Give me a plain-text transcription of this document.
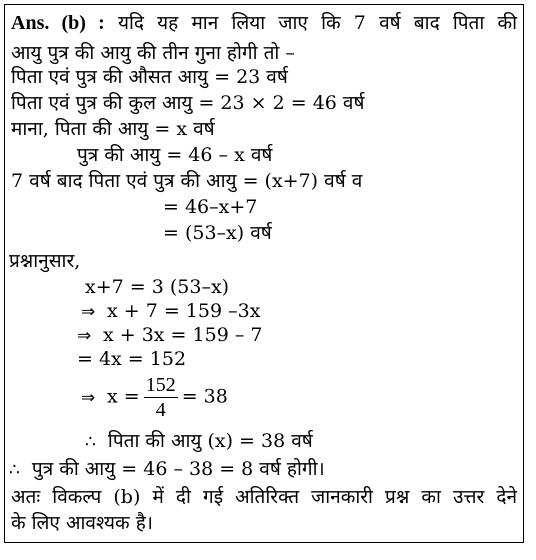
Ans. (b) : यदि यह मान लिया जाए कि 7 वर्ष बाद पिता की
आयु पुत्र की आयु की तीन गुना होगी तो –
पिता एवं पुत्र की औसत आयु = 23 वर्ष
पिता एवं पुत्र की कुल आयु = 23 × 2 = 46 वर्ष
माना, पिता की आयु = x वर्ष
पुत्र की आयु = 46 – x वर्ष
7 वर्ष बाद पिता एवं पुत्र की आयु = (x+7) वर्ष व
= 46–x+7
= (53–x) वर्ष
प्रश्नानुसार,
x+7 = 3 (53–x)
⇒ x + 7 = 159 –3x
⇒ x + 3x = 159 – 7
= 4x = 152
⇒ $x = \frac{152}{4} = 38$
∴ पिता की आयु (x) = 38 वर्ष
∴ पुत्र की आयु = 46 – 38 = 8 वर्ष होगी।
अतः विकल्प (b) में दी गई अतिरिक्त जानकारी प्रश्न का उत्तर देने
के लिए आवश्यक है।
